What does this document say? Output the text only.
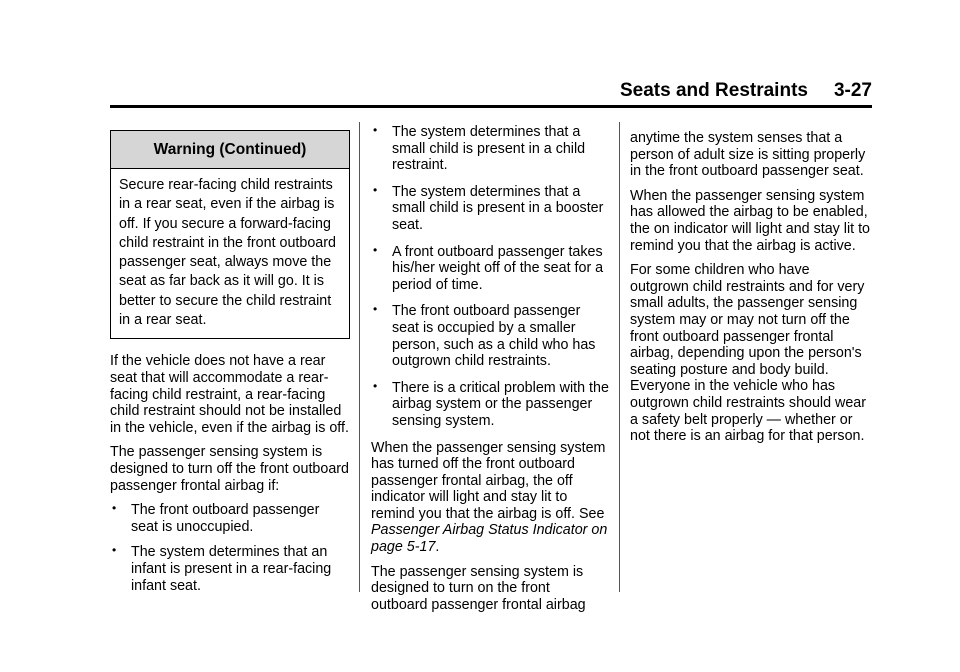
Seats and Restraints 3-27
Warning (Continued)
Secure rear-facing child restraints in a rear seat, even if the airbag is off. If you secure a forward-facing child restraint in the front outboard passenger seat, always move the seat as far back as it will go. It is better to secure the child restraint in a rear seat.

If the vehicle does not have a rear seat that will accommodate a rear-facing child restraint, a rear-facing child restraint should not be installed in the vehicle, even if the airbag is off.

The passenger sensing system is designed to turn off the front outboard passenger frontal airbag if:

• The front outboard passenger seat is unoccupied.
• The system determines that an infant is present in a rear-facing infant seat.
• The system determines that a small child is present in a child restraint.
• The system determines that a small child is present in a booster seat.
• A front outboard passenger takes his/her weight off of the seat for a period of time.
• The front outboard passenger seat is occupied by a smaller person, such as a child who has outgrown child restraints.
• There is a critical problem with the airbag system or the passenger sensing system.

When the passenger sensing system has turned off the front outboard passenger frontal airbag, the off indicator will light and stay lit to remind you that the airbag is off. See Passenger Airbag Status Indicator on page 5-17.

The passenger sensing system is designed to turn on the front outboard passenger frontal airbag

anytime the system senses that a person of adult size is sitting properly in the front outboard passenger seat.

When the passenger sensing system has allowed the airbag to be enabled, the on indicator will light and stay lit to remind you that the airbag is active.

For some children who have outgrown child restraints and for very small adults, the passenger sensing system may or may not turn off the front outboard passenger frontal airbag, depending upon the person's seating posture and body build. Everyone in the vehicle who has outgrown child restraints should wear a safety belt properly — whether or not there is an airbag for that person.
